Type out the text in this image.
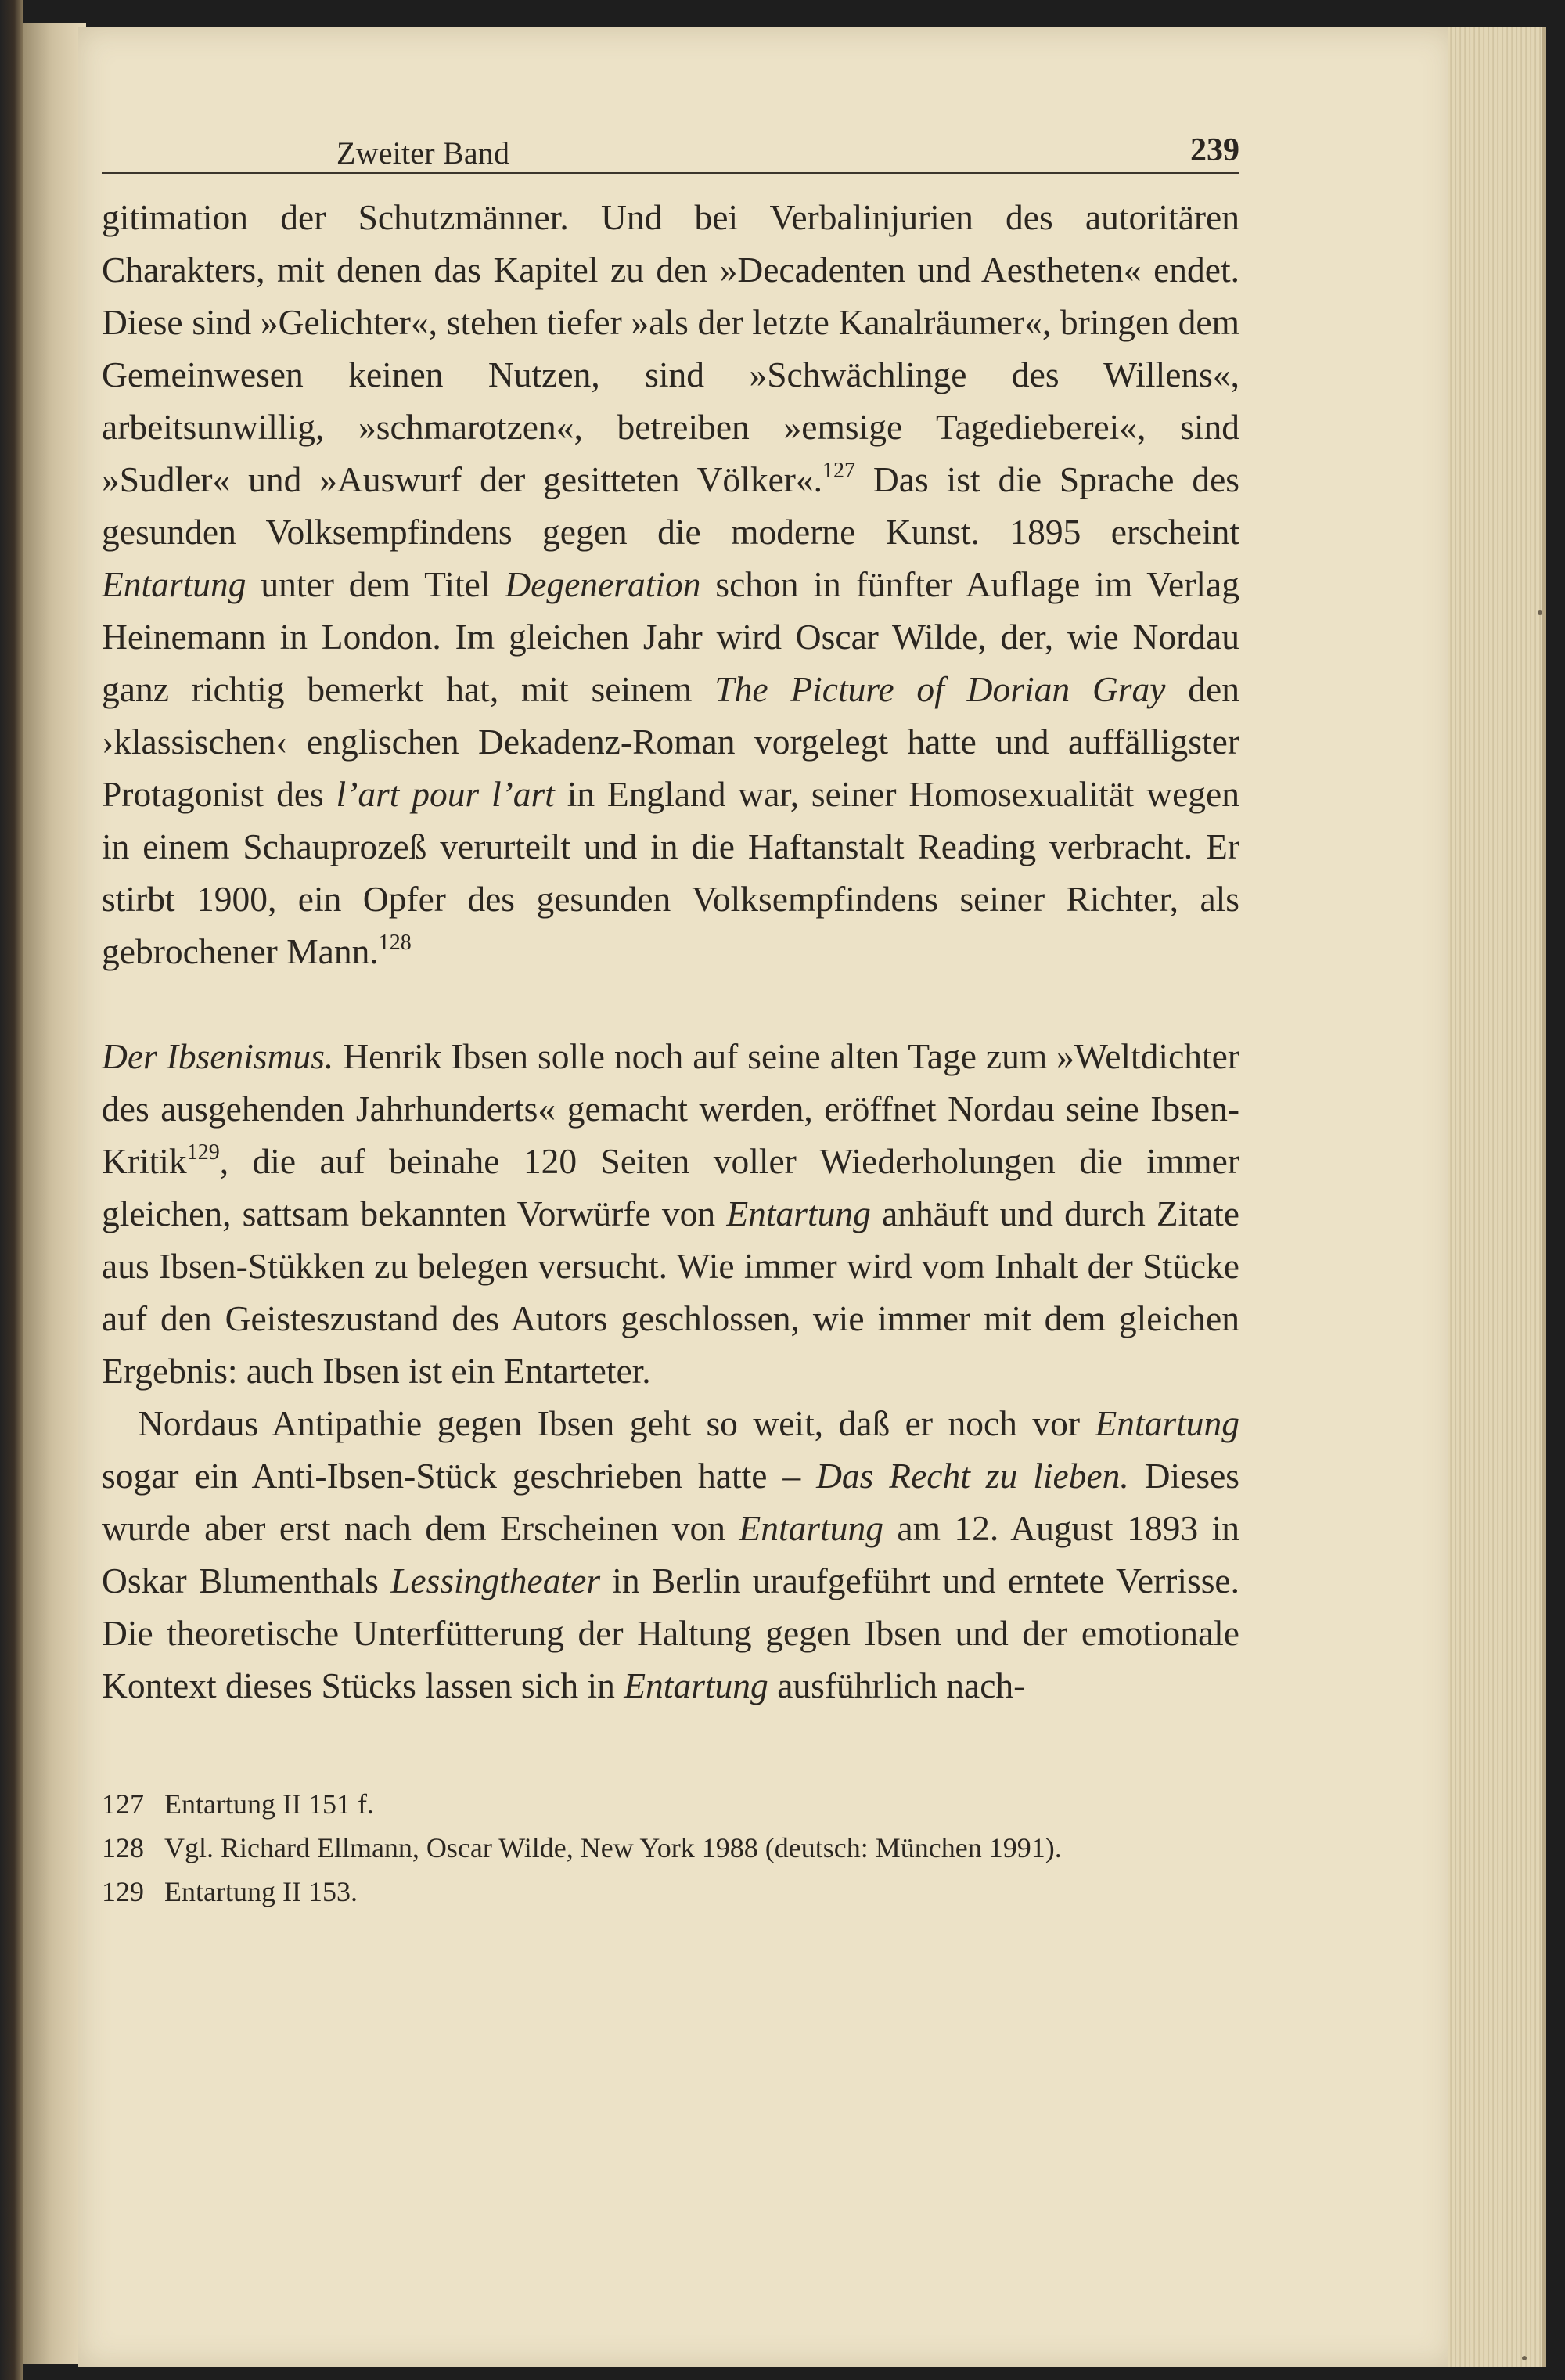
Zweiter Band	239

gitimation der Schutzmänner. Und bei Verbalinjurien des autoritären Charakters, mit denen das Kapitel zu den »Decadenten und Aestheten« endet. Diese sind »Gelichter«, stehen tiefer »als der letzte Kanalräumer«, bringen dem Gemeinwesen keinen Nutzen, sind »Schwächlinge des Willens«, arbeitsunwillig, »schmarotzen«, betreiben »emsige Tagedieberei«, sind »Sudler« und »Auswurf der gesitteten Völker«.$^{127}$ Das ist die Sprache des gesunden Volksempfindens gegen die moderne Kunst. 1895 erscheint Entartung unter dem Titel Degeneration schon in fünfter Auflage im Verlag Heinemann in London. Im gleichen Jahr wird Oscar Wilde, der, wie Nordau ganz richtig bemerkt hat, mit seinem The Picture of Dorian Gray den ›klassischen‹ englischen Dekadenz-Roman vorgelegt hatte und auffälligster Protagonist des l’art pour l’art in England war, seiner Homosexualität wegen in einem Schauprozeß verurteilt und in die Haftanstalt Reading verbracht. Er stirbt 1900, ein Opfer des gesunden Volksempfindens seiner Richter, als gebrochener Mann.$^{128}$

Der Ibsenismus. Henrik Ibsen solle noch auf seine alten Tage zum »Weltdichter des ausgehenden Jahrhunderts« gemacht werden, eröffnet Nordau seine Ibsen-Kritik$^{129}$, die auf beinahe 120 Seiten voller Wiederholungen die immer gleichen, sattsam bekannten Vorwürfe von Entartung anhäuft und durch Zitate aus Ibsen-Stükken zu belegen versucht. Wie immer wird vom Inhalt der Stücke auf den Geisteszustand des Autors geschlossen, wie immer mit dem gleichen Ergebnis: auch Ibsen ist ein Entarteter.

Nordaus Antipathie gegen Ibsen geht so weit, daß er noch vor Entartung sogar ein Anti-Ibsen-Stück geschrieben hatte – Das Recht zu lieben. Dieses wurde aber erst nach dem Erscheinen von Entartung am 12. August 1893 in Oskar Blumenthals Lessingtheater in Berlin uraufgeführt und erntete Verrisse. Die theoretische Unterfütterung der Haltung gegen Ibsen und der emotionale Kontext dieses Stücks lassen sich in Entartung ausführlich nach-

127 Entartung II 151 f.
128 Vgl. Richard Ellmann, Oscar Wilde, New York 1988 (deutsch: München 1991).
129 Entartung II 153.
